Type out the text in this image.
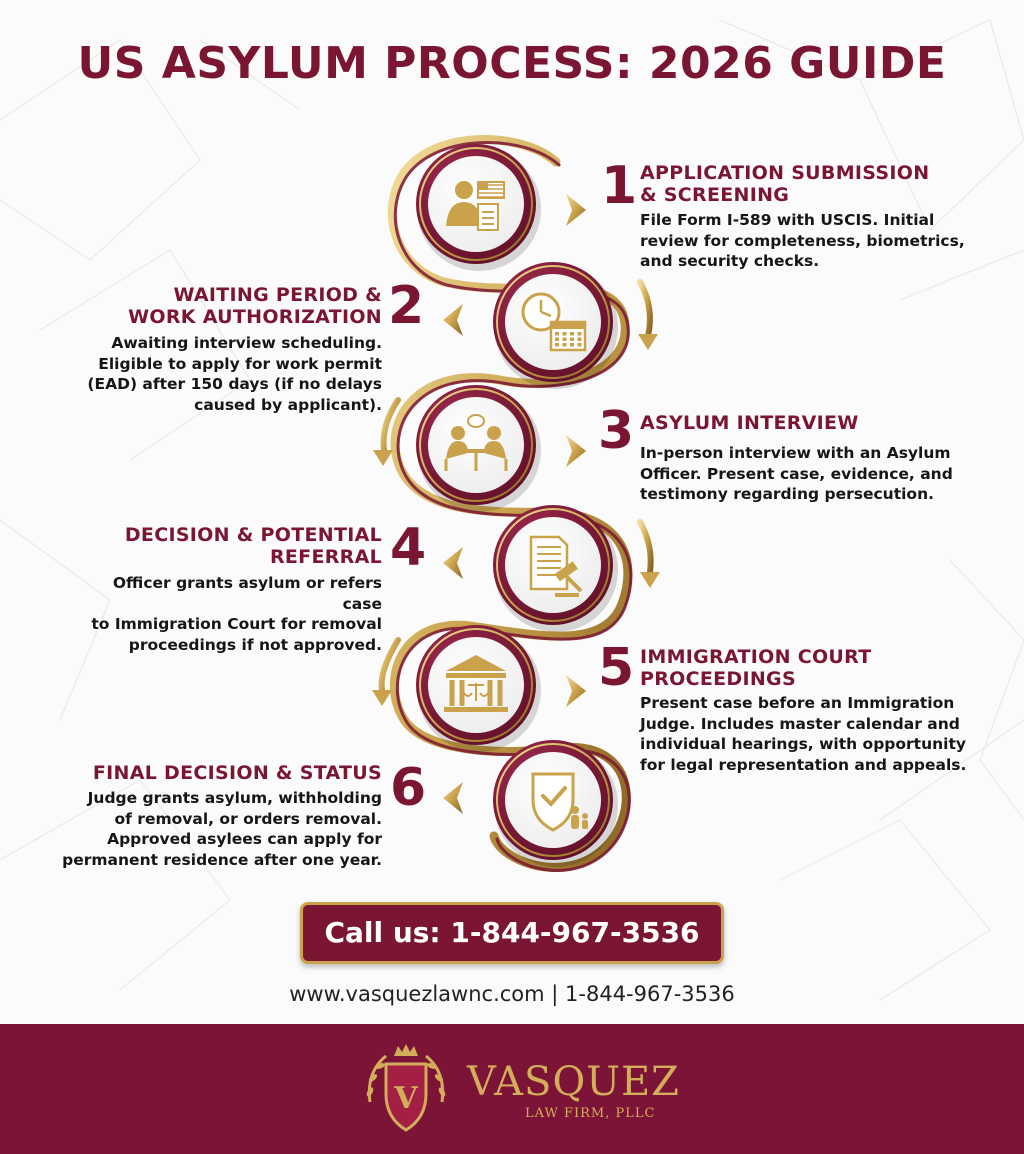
US ASYLUM PROCESS: 2026 GUIDE
1 APPLICATION SUBMISSION
& SCREENING
File Form I-589 with USCIS. Initial
review for completeness, biometrics,
and security checks.
2
WAITING PERIOD &
WORK AUTHORIZATION
Awaiting interview scheduling.
Eligible to apply for work permit
(EAD) after 150 days (if no delays
caused by applicant).	3 ASYLUM INTERVIEW
In-person interview with an Asylum
Officer. Present case, evidence, and
testimony regarding persecution.
4
DECISION & POTENTIAL
REFERRAL
Officer grants asylum or refers case
to Immigration Court for removal
proceedings if not approved.	5 IMMIGRATION COURT
PROCEEDINGS
Present case before an Immigration
Judge. Includes master calendar and
individual hearings, with opportunity
for legal representation and appeals.
6
FINAL DECISION & STATUS
Judge grants asylum, withholding
of removal, or orders removal.
Approved asylees can apply for
permanent residence after one year.
Call us: 1-844-967-3536
www.vasquezlawnc.com | 1-844-967-3536
V VASQUEZ
LAW FIRM, PLLC
